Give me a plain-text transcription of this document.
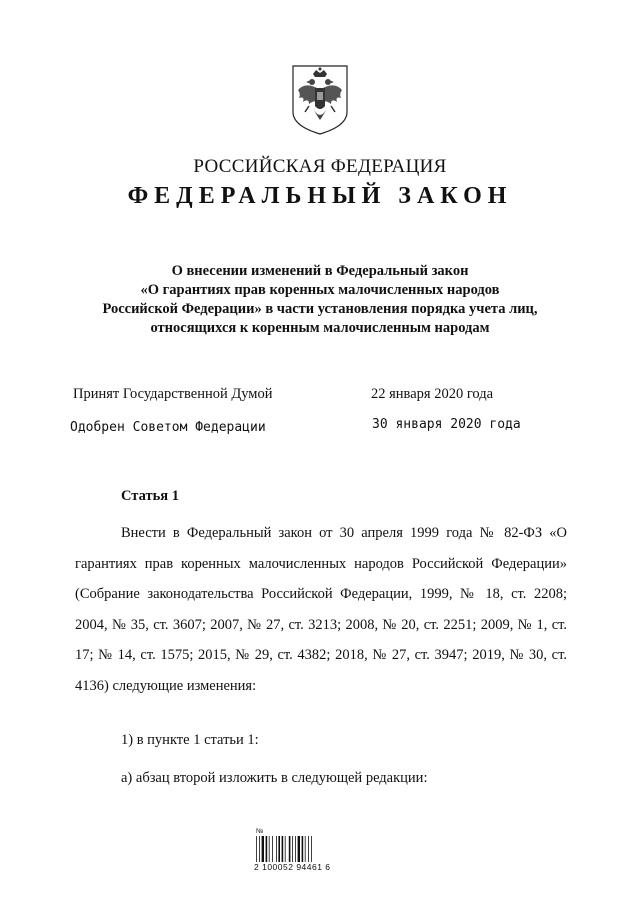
РОССИЙСКАЯ ФЕДЕРАЦИЯ
ФЕДЕРАЛЬНЫЙ ЗАКОН
О внесении изменений в Федеральный закон
«О гарантиях прав коренных малочисленных народов
Российской Федерации» в части установления порядка учета лиц,
относящихся к коренным малочисленным народам
Принят Государственной Думой	22 января 2020 года
Одобрен Советом Федерации	30 января 2020 года
Статья 1

Внести в Федеральный закон от 30 апреля 1999 года № 82-ФЗ «О гарантиях прав коренных малочисленных народов Российской Федерации» (Собрание законодательства Российской Федерации, 1999, № 18, ст. 2208; 2004, № 35, ст. 3607; 2007, № 27, ст. 3213; 2008, № 20, ст. 2251; 2009, № 1, ст. 17; № 14, ст. 1575; 2015, № 29, ст. 4382; 2018, № 27, ст. 3947; 2019, № 30, ст. 4136) следующие изменения:

1) в пункте 1 статьи 1:
а) абзац второй изложить в следующей редакции:
№
2 100052 94461 6
